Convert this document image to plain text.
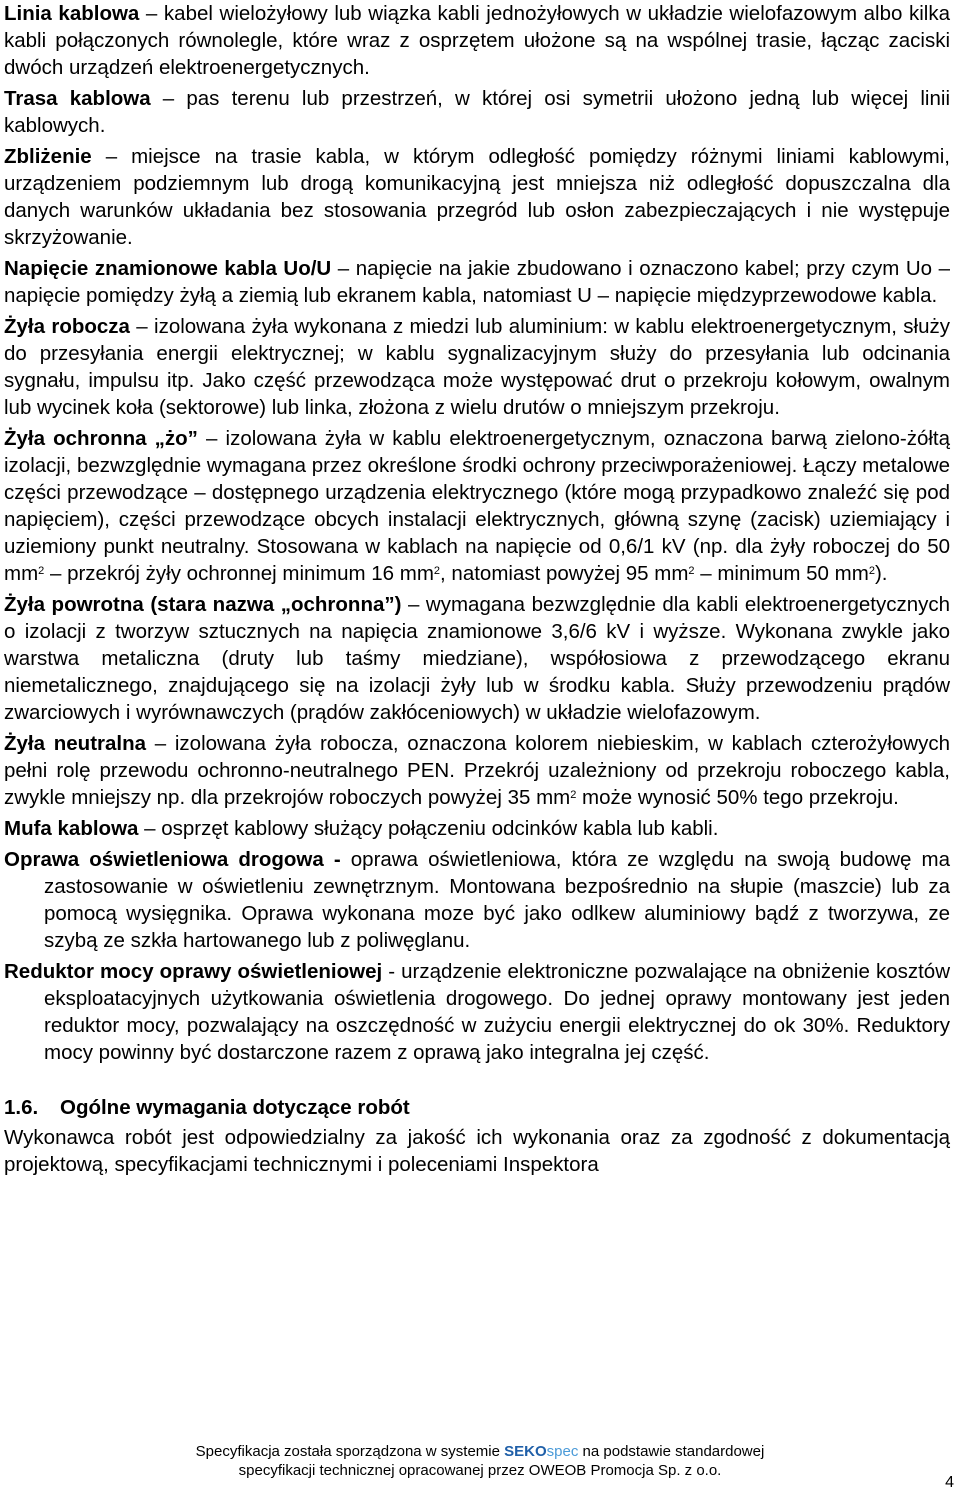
Linia kablowa – kabel wielożyłowy lub wiązka kabli jednożyłowych w układzie wielofazowym albo kilka kabli połączonych równolegle, które wraz z osprzętem ułożone są na wspólnej trasie, łącząc zaciski dwóch urządzeń elektroenergetycznych.

Trasa kablowa – pas terenu lub przestrzeń, w której osi symetrii ułożono jedną lub więcej linii kablowych.

Zbliżenie – miejsce na trasie kabla, w którym odległość pomiędzy różnymi liniami kablowymi, urządzeniem podziemnym lub drogą komunikacyjną jest mniejsza niż odległość dopuszczalna dla danych warunków układania bez stosowania przegród lub osłon zabezpieczających i nie występuje skrzyżowanie.

Napięcie znamionowe kabla Uo/U – napięcie na jakie zbudowano i oznaczono kabel; przy czym Uo – napięcie pomiędzy żyłą a ziemią lub ekranem kabla, natomiast U – napięcie międzyprzewodowe kabla.

Żyła robocza – izolowana żyła wykonana z miedzi lub aluminium: w kablu elektroenergetycznym, służy do przesyłania energii elektrycznej; w kablu sygnalizacyjnym służy do przesyłania lub odcinania sygnału, impulsu itp. Jako część przewodząca może występować drut o przekroju kołowym, owalnym lub wycinek koła (sektorowe) lub linka, złożona z wielu drutów o mniejszym przekroju.

Żyła ochronna „żo” – izolowana żyła w kablu elektroenergetycznym, oznaczona barwą zielono-żółtą izolacji, bezwzględnie wymagana przez określone środki ochrony przeciwporażeniowej. Łączy metalowe części przewodzące – dostępnego urządzenia elektrycznego (które mogą przypadkowo znaleźć się pod napięciem), części przewodzące obcych instalacji elektrycznych, główną szynę (zacisk) uziemiający i uziemiony punkt neutralny. Stosowana w kablach na napięcie od 0,6/1 kV (np. dla żyły roboczej do 50 $mm^2$ – przekrój żyły ochronnej minimum 16 $mm^2$, natomiast powyżej 95 $mm^2$ – minimum 50 $mm^2$).

Żyła powrotna (stara nazwa „ochronna”) – wymagana bezwzględnie dla kabli elektroenergetycznych o izolacji z tworzyw sztucznych na napięcia znamionowe 3,6/6 kV i wyższe. Wykonana zwykle jako warstwa metaliczna (druty lub taśmy miedziane), współosiowa z przewodzącego ekranu niemetalicznego, znajdującego się na izolacji żyły lub w środku kabla. Służy przewodzeniu prądów zwarciowych i wyrównawczych (prądów zakłóceniowych) w układzie wielofazowym.

Żyła neutralna – izolowana żyła robocza, oznaczona kolorem niebieskim, w kablach czterożyłowych pełni rolę przewodu ochronno-neutralnego PEN. Przekrój uzależniony od przekroju roboczego kabla, zwykle mniejszy np. dla przekrojów roboczych powyżej 35 $mm^2$ może wynosić 50% tego przekroju.

Mufa kablowa – osprzęt kablowy służący połączeniu odcinków kabla lub kabli.

Oprawa oświetleniowa drogowa - oprawa oświetleniowa, która ze względu na swoją budowę ma zastosowanie w oświetleniu zewnętrznym. Montowana bezpośrednio na słupie (maszcie) lub za pomocą wysięgnika. Oprawa wykonana moze być jako odlkew aluminiowy bądź z tworzywa, ze szybą ze szkła hartowanego lub z poliwęglanu.

Reduktor mocy oprawy oświetleniowej - urządzenie elektroniczne pozwalające na obniżenie kosztów eksploatacyjnych użytkowania oświetlenia drogowego. Do jednej oprawy montowany jest jeden reduktor mocy, pozwalający na oszczędność w zużyciu energii elektrycznej do ok 30%. Reduktory mocy powinny być dostarczone razem z oprawą jako integralna jej część.

1.6. Ogólne wymagania dotyczące robót

Wykonawca robót jest odpowiedzialny za jakość ich wykonania oraz za zgodność z dokumentacją projektową, specyfikacjami technicznymi i poleceniami Inspektora

Specyfikacja została sporządzona w systemie SEKOspec na podstawie standardowej
specyfikacji technicznej opracowanej przez OWEOB Promocja Sp. z o.o.
4
